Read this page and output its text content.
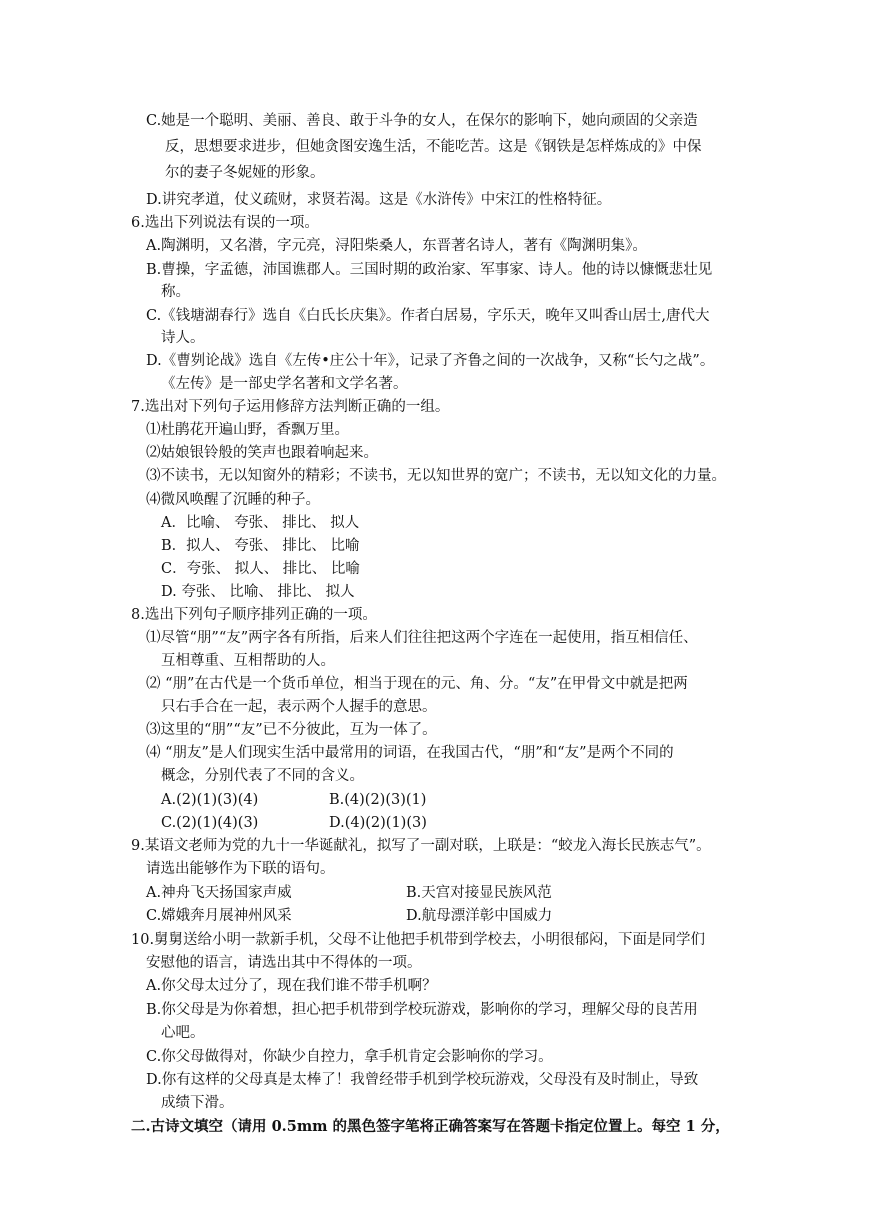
C.她是一个聪明、美丽、善良、敢于斗争的女人，在保尔的影响下，她向顽固的父亲造
反，思想要求进步，但她贪图安逸生活，不能吃苦。这是《钢铁是怎样炼成的》中保
尔的妻子冬妮娅的形象。
D.讲究孝道，仗义疏财，求贤若渴。这是《水浒传》中宋江的性格特征。
6.选出下列说法有误的一项。
A.陶渊明，又名潜，字元亮，浔阳柴桑人，东晋著名诗人，著有《陶渊明集》。
B.曹操，字孟德，沛国谯郡人。三国时期的政治家、军事家、诗人。他的诗以慷慨悲壮见
称。
C.《钱塘湖春行》选自《白氏长庆集》。作者白居易，字乐天，晚年又叫香山居士,唐代大
诗人。
D.《曹刿论战》选自《左传•庄公十年》，记录了齐鲁之间的一次战争，又称“长勺之战”。
《左传》是一部史学名著和文学名著。
7.选出对下列句子运用修辞方法判断正确的一组。
⑴杜鹃花开遍山野，香飘万里。
⑵姑娘银铃般的笑声也跟着响起来。
⑶不读书，无以知窗外的精彩；不读书，无以知世界的宽广；不读书，无以知文化的力量。
⑷微风唤醒了沉睡的种子。
A．比喻、 夸张、 排比、 拟人
B．拟人、 夸张、 排比、 比喻
C．夸张、 拟人、 排比、 比喻
D. 夸张、 比喻、 排比、 拟人
8.选出下列句子顺序排列正确的一项。
⑴尽管“朋”“友”两字各有所指，后来人们往往把这两个字连在一起使用，指互相信任、
互相尊重、互相帮助的人。
⑵ “朋”在古代是一个货币单位，相当于现在的元、角、分。“友”在甲骨文中就是把两
只右手合在一起，表示两个人握手的意思。
⑶这里的“朋”“友”已不分彼此，互为一体了。
⑷ “朋友”是人们现实生活中最常用的词语，在我国古代，“朋”和“友”是两个不同的
概念，分别代表了不同的含义。
A.(2)(1)(3)(4)	B.(4)(2)(3)(1)
C.(2)(1)(4)(3)	D.(4)(2)(1)(3)
9.某语文老师为党的九十一华诞献礼，拟写了一副对联，上联是：“蛟龙入海长民族志气”。
请选出能够作为下联的语句。
A.神舟飞天扬国家声威	B.天宫对接显民族风范
C.嫦娥奔月展神州风采	D.航母漂洋彰中国威力
10.舅舅送给小明一款新手机，父母不让他把手机带到学校去，小明很郁闷，下面是同学们
安慰他的语言，请选出其中不得体的一项。
A.你父母太过分了，现在我们谁不带手机啊？
B.你父母是为你着想，担心把手机带到学校玩游戏，影响你的学习，理解父母的良苦用
心吧。
C.你父母做得对，你缺少自控力，拿手机肯定会影响你的学习。
D.你有这样的父母真是太棒了！我曾经带手机到学校玩游戏，父母没有及时制止，导致
成绩下滑。
二.古诗文填空（请用 0.5mm 的黑色签字笔将正确答案写在答题卡指定位置上。每空 1 分，
